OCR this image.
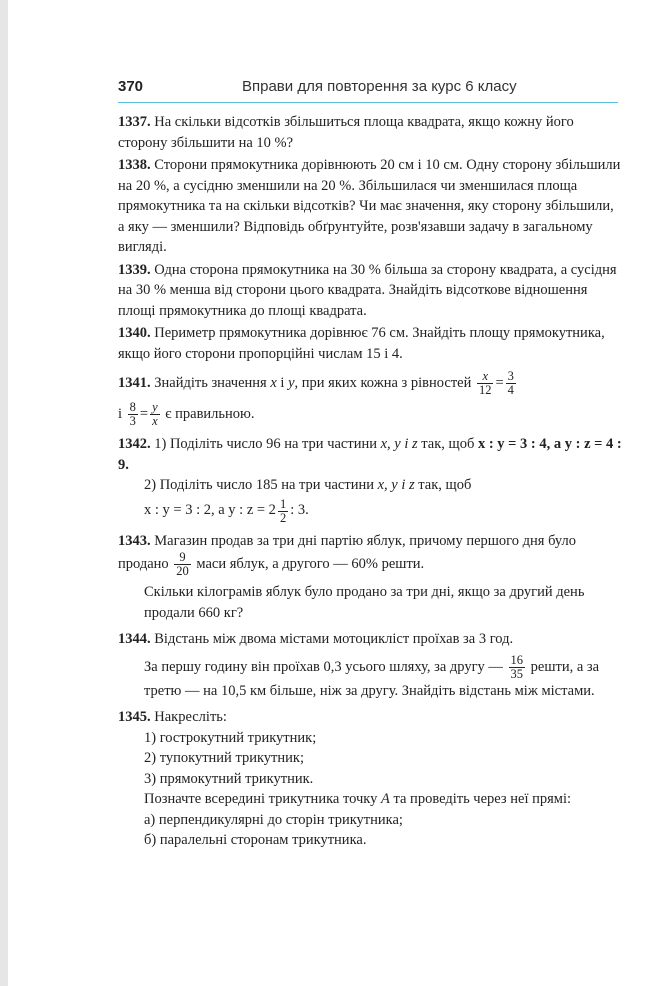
370	Вправи для повторення за курс 6 класу

1337. На скільки відсотків збільшиться площа квадрата, якщо кожну його сторону збільшити на 10 %?

1338. Сторони прямокутника дорівнюють 20 см і 10 см. Одну сторону збільшили на 20 %, а сусідню зменшили на 20 %. Збільшилася чи зменшилася площа прямокутника та на скільки відсотків? Чи має значення, яку сторону збільшили, а яку — зменшили? Відповідь обґрунтуйте, розв'язавши задачу в загальному вигляді.

1339. Одна сторона прямокутника на 30 % більша за сторону квадрата, а сусідня на 30 % менша від сторони цього квадрата. Знайдіть відсоткове відношення площі прямокутника до площі квадрата.

1340. Периметр прямокутника дорівнює 76 см. Знайдіть площу прямокутника, якщо його сторони пропорційні числам 15 і 4.

1341. Знайдіть значення x і y, при яких кожна з рівностей $\frac{x}{12} = \frac{3}{4}$

і $\frac{8}{3} = \frac{y}{x}$ є правильною.

1342. 1) Поділіть число 96 на три частини x, y і z так, щоб x : y = 3 : 4, а y : z = 4 : 9.

2) Поділіть число 185 на три частини x, y і z так, щоб

x : y = 3 : 2, а y : $z = 2 \frac{1}{2}$ : 3.

1343. Магазин продав за три дні партію яблук, причому першого дня було продано $\frac{9}{20}$ маси яблук, а другого — 60% решти.

Скільки кілограмів яблук було продано за три дні, якщо за другий день продали 660 кг?

1344. Відстань між двома містами мотоцикліст проїхав за 3 год.

За першу годину він проїхав 0,3 усього шляху, за другу — $\frac{16}{35}$ решти, а за третю — на 10,5 км більше, ніж за другу. Знайдіть відстань між містами.

1345. Накресліть:

1) гострокутний трикутник;

2) тупокутний трикутник;

3) прямокутний трикутник.

Позначте всередині трикутника точку A та проведіть через неї прямі:

а) перпендикулярні до сторін трикутника;

б) паралельні сторонам трикутника.
